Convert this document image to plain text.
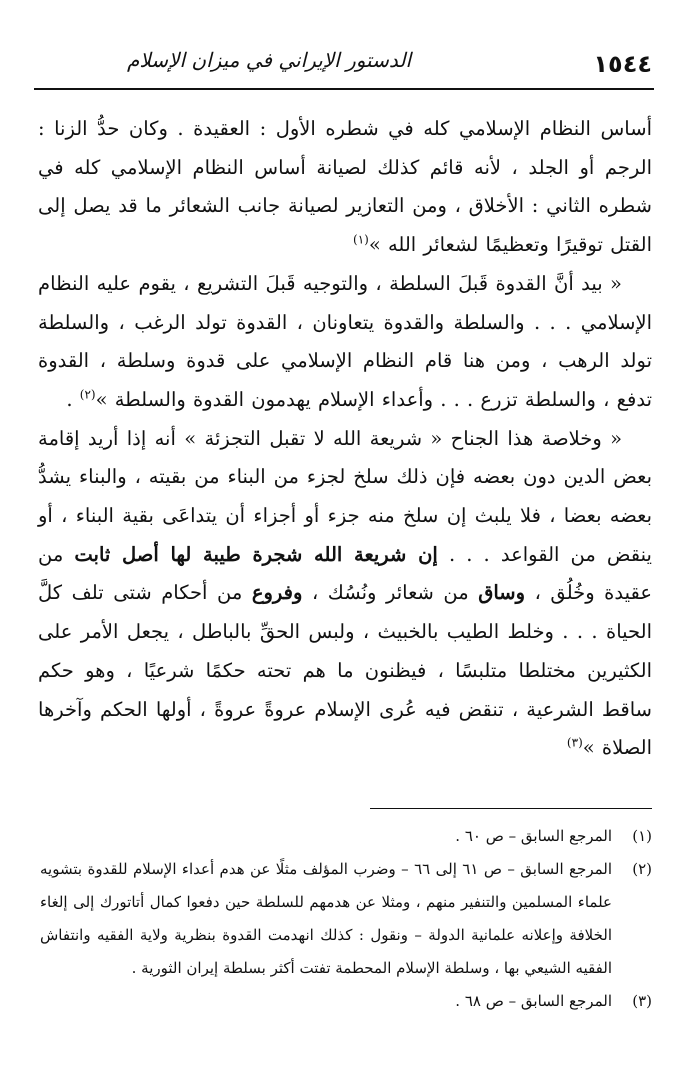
١٥٤٤
الدستور الإيراني في ميزان الإسلام

أساس النظام الإسلامي كله في شطره الأول : العقيدة . وكان حدُّ الزنا : الرجم أو الجلد ، لأنه قائم كذلك لصيانة أساس النظام الإسلامي كله في شطره الثاني : الأخلاق ، ومن التعازير لصيانة جانب الشعائر ما قد يصل إلى القتل توقيرًا وتعظيمًا لشعائر الله »$^{(١)}$

« بيد أنَّ القدوة قَبلَ السلطة ، والتوجيه قَبلَ التشريع ، يقوم عليه النظام الإسلامي . . . والسلطة والقدوة يتعاونان ، القدوة تولد الرغب ، والسلطة تولد الرهب ، ومن هنا قام النظام الإسلامي على قدوة وسلطة ، القدوة تدفع ، والسلطة تزرع . . . وأعداء الإسلام يهدمون القدوة والسلطة »$^{(٢)}$ .

« وخلاصة هذا الجناح « شريعة الله لا تقبل التجزئة » أنه إذا أريد إقامة بعض الدين دون بعضه فإن ذلك سلخ لجزء من البناء من بقيته ، والبناء يشدُّ بعضه بعضا ، فلا يلبث إن سلخ منه جزء أو أجزاء أن يتداعَى بقية البناء ، أو ينقض من القواعد . . . إن شريعة الله شجرة طيبة لها أصل ثابت من عقيدة وخُلُق ، وساق من شعائر ونُسُك ، وفروع من أحكام شتى تلف كلَّ الحياة . . . وخلط الطيب بالخبيث ، ولبس الحقِّ بالباطل ، يجعل الأمر على الكثيرين مختلطا متلبسًا ، فيظنون ما هم تحته حكمًا شرعيًا ، وهو حكم ساقط الشرعية ، تنقض فيه عُرى الإسلام عروةً عروةً ، أولها الحكم وآخرها الصلاة »$^{(٣)}$

(١)
المرجع السابق – ص ٦٠ .
(٢)
المرجع السابق – ص ٦١ إلى ٦٦ – وضرب المؤلف مثلًا عن هدم أعداء الإسلام للقدوة بتشويه علماء المسلمين والتنفير منهم ، ومثلا عن هدمهم للسلطة حين دفعوا كمال أتاتورك إلى إلغاء الخلافة وإعلانه علمانية الدولة – ونقول : كذلك انهدمت القدوة بنظرية ولاية الفقيه وانتفاش الفقيه الشيعي بها ، وسلطة الإسلام المحطمة تفتت أكثر بسلطة إيران الثورية .
(٣)
المرجع السابق – ص ٦٨ .
